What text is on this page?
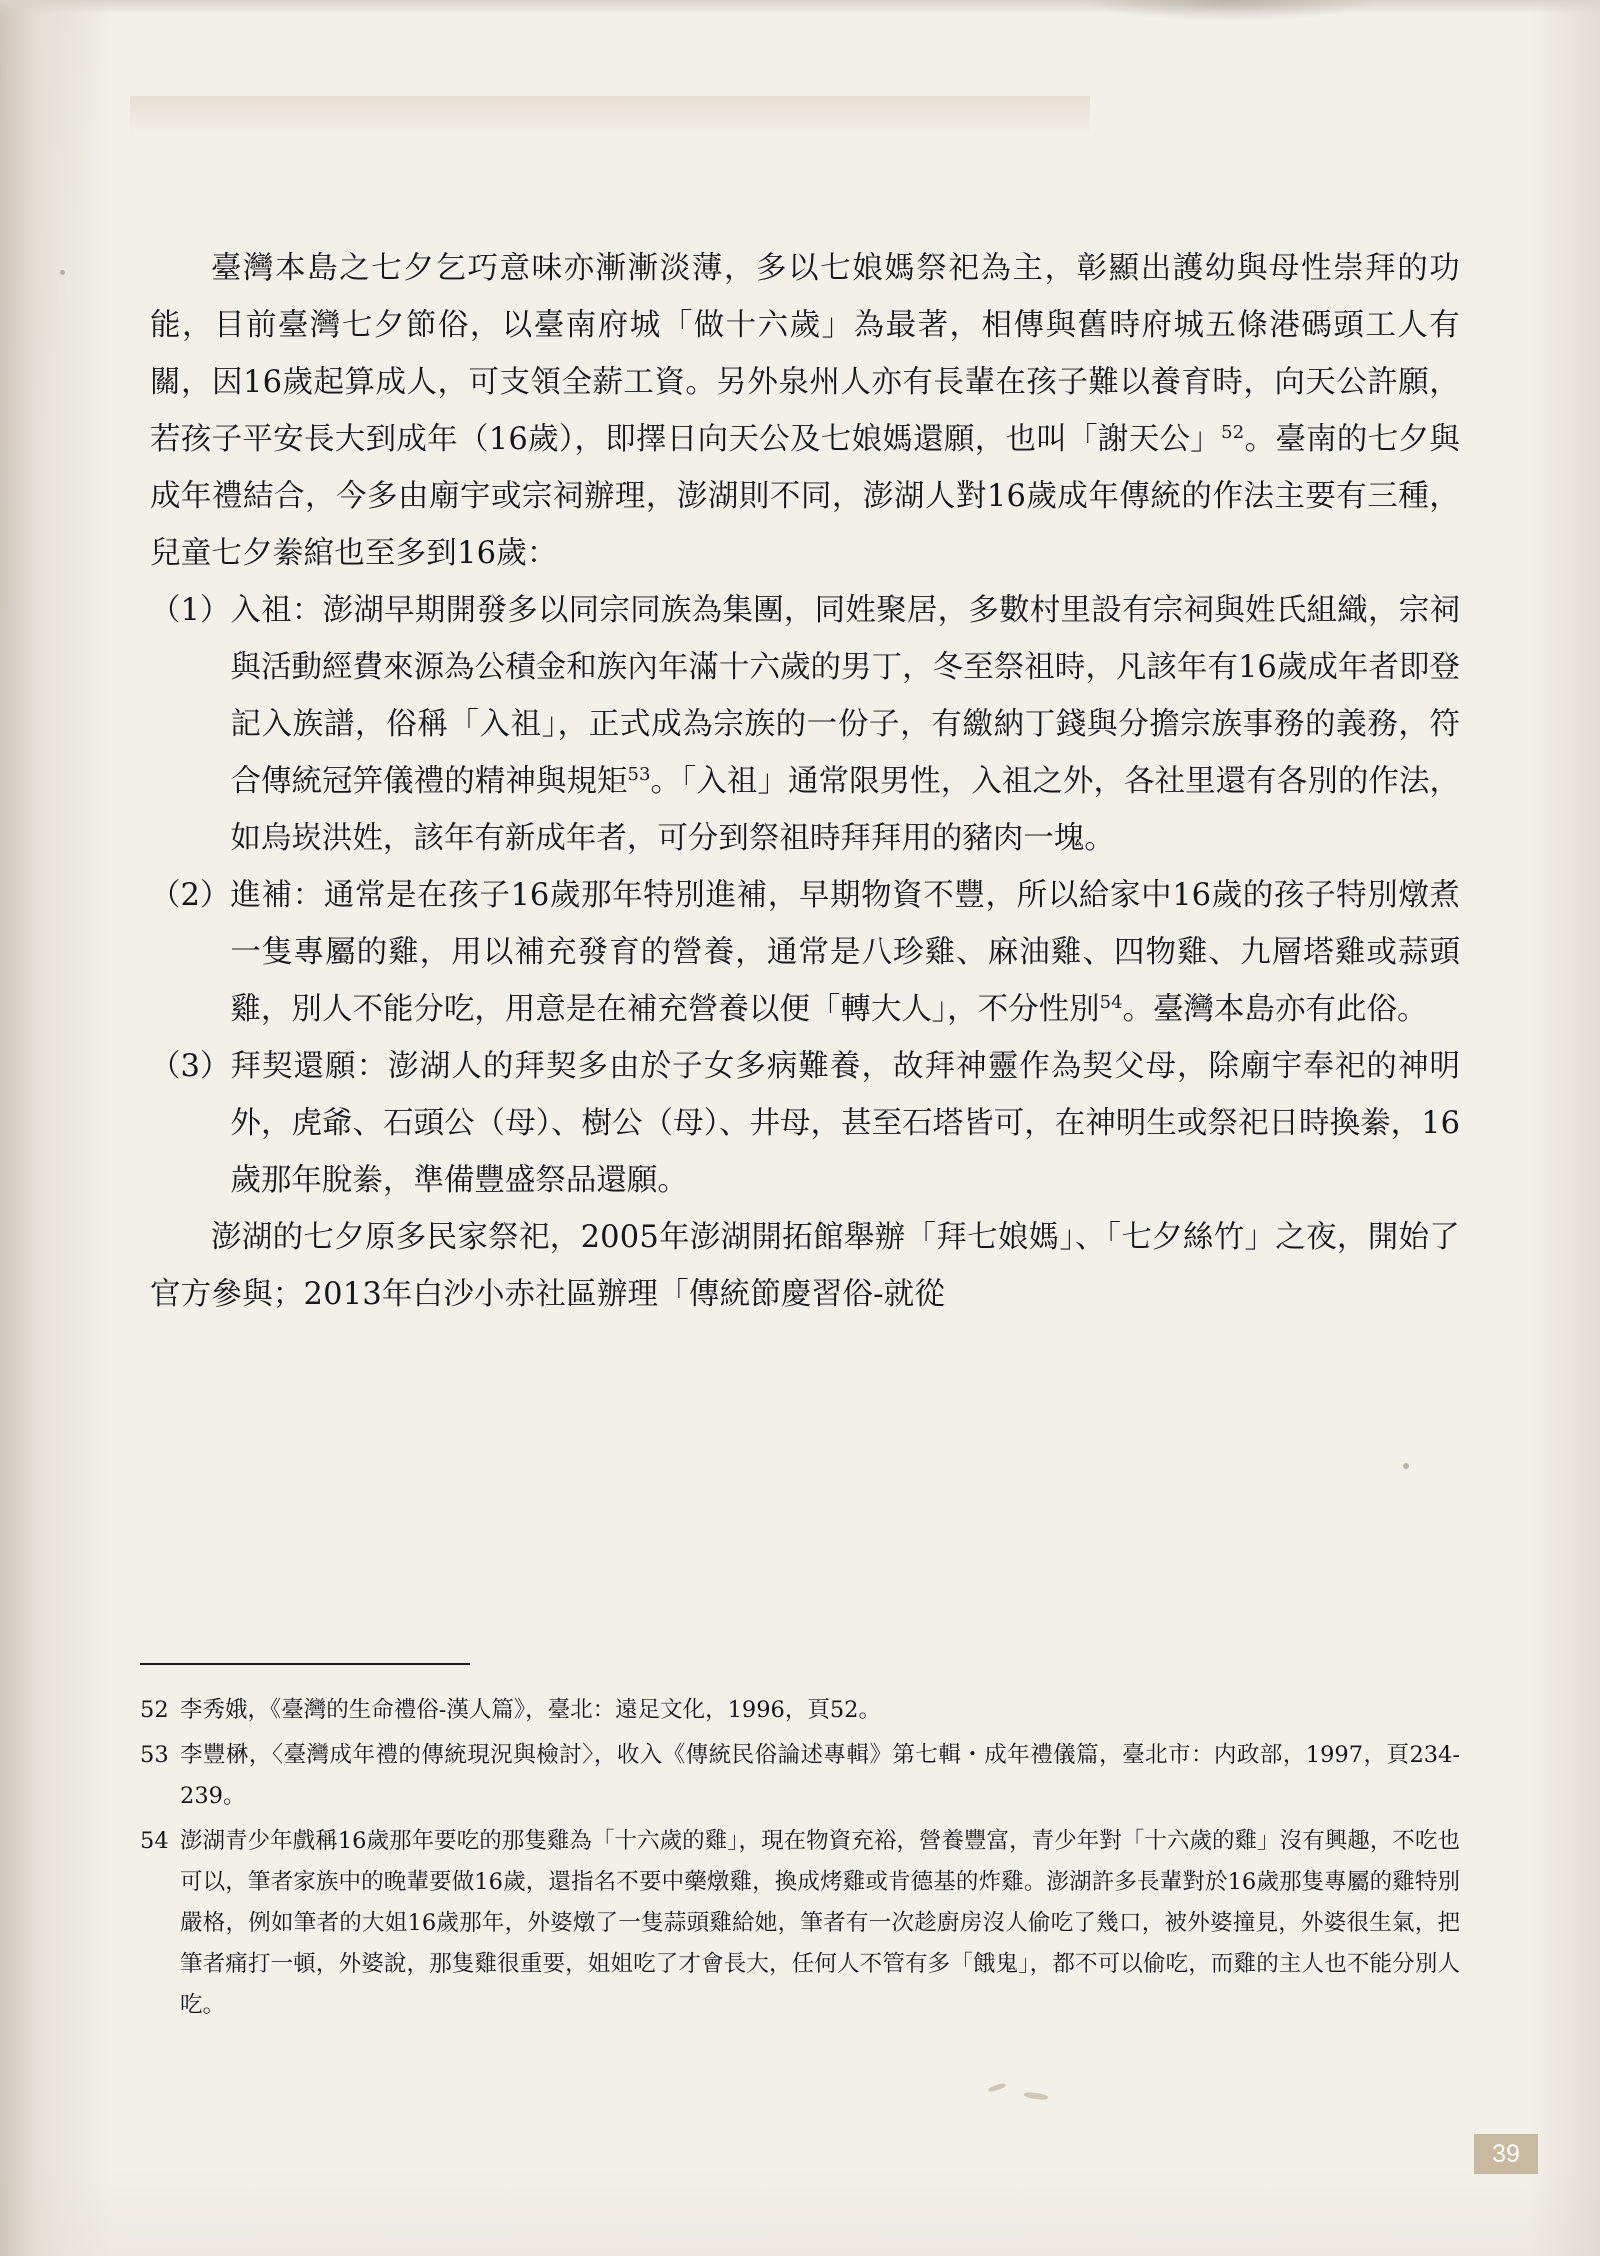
臺灣本島之七夕乞巧意味亦漸漸淡薄，多以七娘媽祭祀為主，彰顯出護幼與母性崇拜的功能，目前臺灣七夕節俗，以臺南府城「做十六歲」為最著，相傳與舊時府城五條港碼頭工人有關，因16歲起算成人，可支領全薪工資。另外泉州人亦有長輩在孩子難以養育時，向天公許願，若孩子平安長大到成年（16歲），即擇日向天公及七娘媽還願，也叫「謝天公」$^{52}$。臺南的七夕與成年禮結合，今多由廟宇或宗祠辦理，澎湖則不同，澎湖人對16歲成年傳統的作法主要有三種，兒童七夕絭綰也至多到16歲：

（1） 入祖：澎湖早期開發多以同宗同族為集團，同姓聚居，多數村里設有宗祠與姓氏組織，宗祠與活動經費來源為公積金和族內年滿十六歲的男丁，冬至祭祖時，凡該年有16歲成年者即登記入族譜，俗稱「入祖」，正式成為宗族的一份子，有繳納丁錢與分擔宗族事務的義務，符合傳統冠笄儀禮的精神與規矩$^{53}$。「入祖」通常限男性，入祖之外，各社里還有各別的作法，如烏崁洪姓，該年有新成年者，可分到祭祖時拜拜用的豬肉一塊。
（2） 進補：通常是在孩子16歲那年特別進補，早期物資不豐，所以給家中16歲的孩子特別燉煮一隻專屬的雞，用以補充發育的營養，通常是八珍雞、麻油雞、四物雞、九層塔雞或蒜頭雞，別人不能分吃，用意是在補充營養以便「轉大人」，不分性別$^{54}$。臺灣本島亦有此俗。
（3） 拜契還願：澎湖人的拜契多由於子女多病難養，故拜神靈作為契父母，除廟宇奉祀的神明外，虎爺、石頭公（母）、樹公（母）、井母，甚至石塔皆可，在神明生或祭祀日時換絭，16歲那年脫絭，準備豐盛祭品還願。

澎湖的七夕原多民家祭祀，2005年澎湖開拓館舉辦「拜七娘媽」、「七夕絲竹」之夜，開始了官方參與；2013年白沙小赤社區辦理「傳統節慶習俗-就從

52 李秀娥，《臺灣的生命禮俗-漢人篇》，臺北：遠足文化，1996，頁52。
53 李豐楙，〈臺灣成年禮的傳統現況與檢討〉，收入《傳統民俗論述專輯》第七輯・成年禮儀篇，臺北市：内政部，1997，頁234-239。
54 澎湖青少年戲稱16歲那年要吃的那隻雞為「十六歲的雞」，現在物資充裕，營養豐富，青少年對「十六歲的雞」沒有興趣，不吃也可以，筆者家族中的晚輩要做16歲，還指名不要中藥燉雞，換成烤雞或肯德基的炸雞。澎湖許多長輩對於16歲那隻專屬的雞特別嚴格，例如筆者的大姐16歲那年，外婆燉了一隻蒜頭雞給她，筆者有一次趁廚房沒人偷吃了幾口，被外婆撞見，外婆很生氣，把筆者痛打一頓，外婆說，那隻雞很重要，姐姐吃了才會長大，任何人不管有多「餓鬼」，都不可以偷吃，而雞的主人也不能分別人吃。
39
